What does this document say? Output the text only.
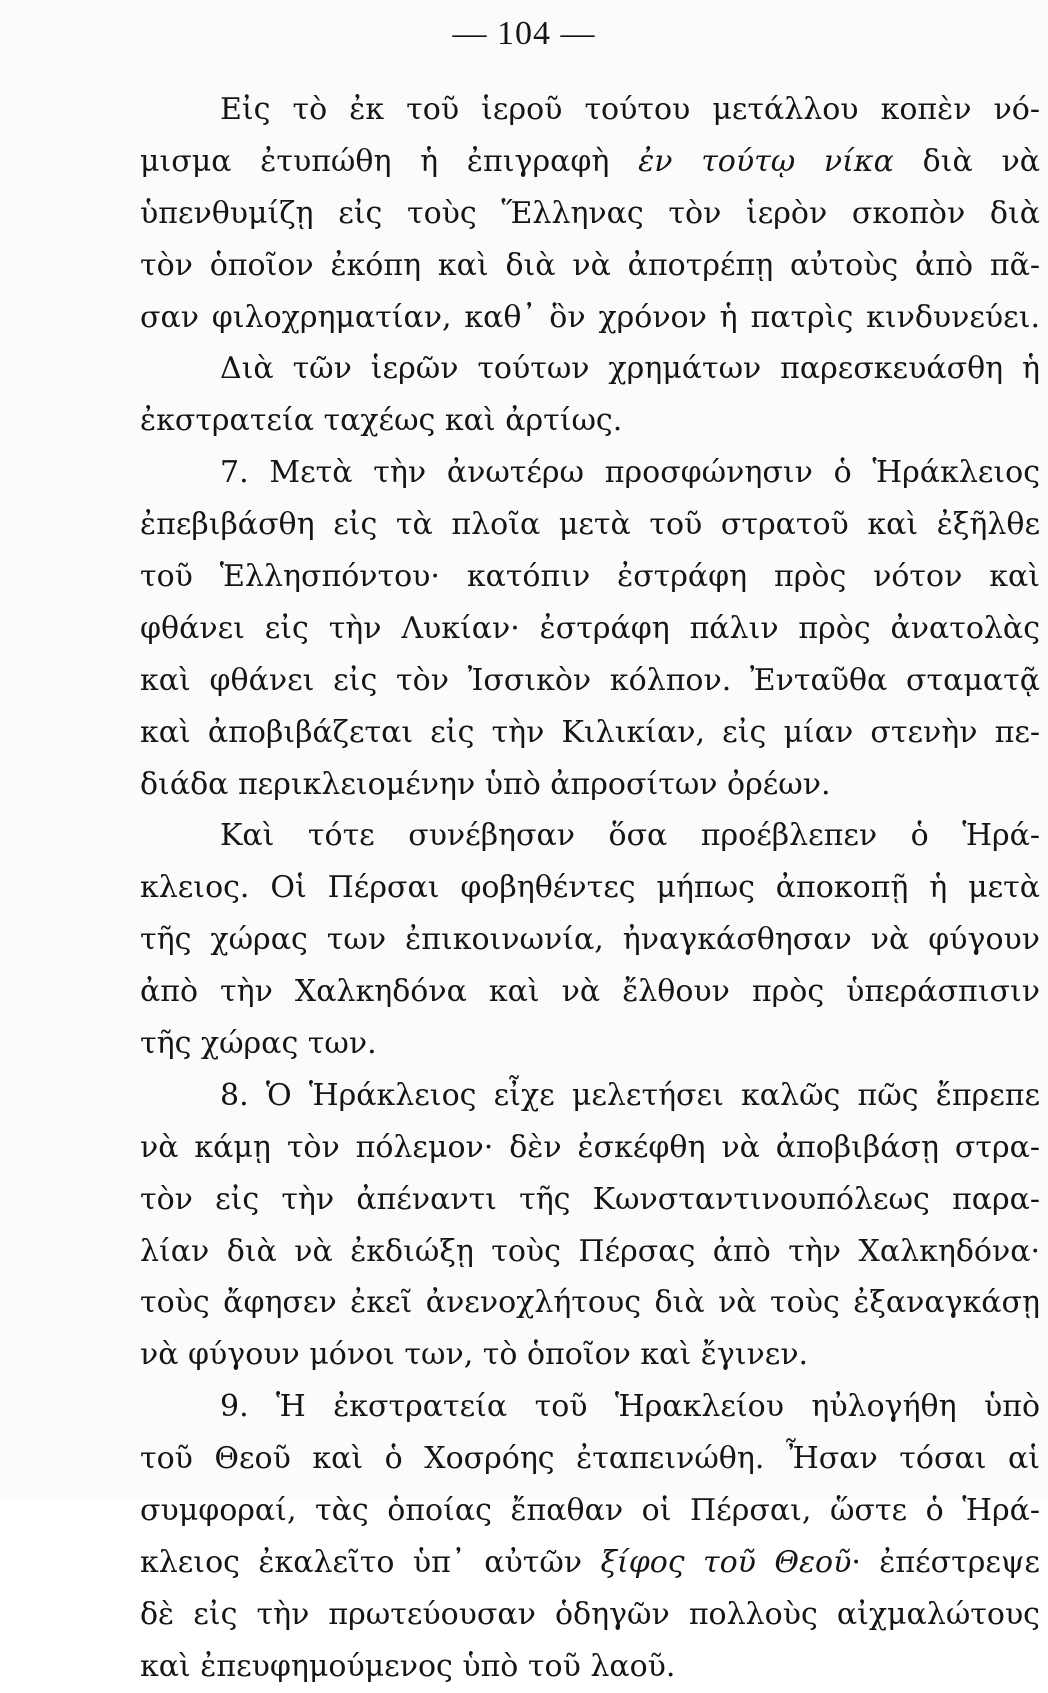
— 104 —
Εἰς τὸ ἐκ τοῦ ἱεροῦ τούτου μετάλλου κοπὲν νό-
μισμα ἐτυπώθη ἡ ἐπιγραφὴ ἐν τούτῳ νίκα διὰ νὰ
ὑπενθυμίζῃ εἰς τοὺς Ἕλληνας τὸν ἱερὸν σκοπὸν διὰ
τὸν ὁποῖον ἐκόπη καὶ διὰ νὰ ἀποτρέπῃ αὐτοὺς ἀπὸ πᾶ-
σαν φιλοχρηματίαν, καθ᾽ ὃν χρόνον ἡ πατρὶς κινδυνεύει.
Διὰ τῶν ἱερῶν τούτων χρημάτων παρεσκευάσθη ἡ
ἐκστρατεία ταχέως καὶ ἀρτίως.
7. Μετὰ τὴν ἀνωτέρω προσφώνησιν ὁ Ἡράκλειος
ἐπεβιβάσθη εἰς τὰ πλοῖα μετὰ τοῦ στρατοῦ καὶ ἐξῆλθε
τοῦ Ἑλλησπόντου· κατόπιν ἐστράφη πρὸς νότον καὶ
φθάνει εἰς τὴν Λυκίαν· ἐστράφη πάλιν πρὸς ἀνατολὰς
καὶ φθάνει εἰς τὸν Ἰσσικὸν κόλπον. Ἐνταῦθα σταματᾷ
καὶ ἀποβιβάζεται εἰς τὴν Κιλικίαν, εἰς μίαν στενὴν πε-
διάδα περικλειομένην ὑπὸ ἀπροσίτων ὀρέων.
Καὶ τότε συνέβησαν ὅσα προέβλεπεν ὁ Ἡρά-
κλειος. Οἱ Πέρσαι φοβηθέντες μήπως ἀποκοπῇ ἡ μετὰ
τῆς χώρας των ἐπικοινωνία, ἠναγκάσθησαν νὰ φύγουν
ἀπὸ τὴν Χαλκηδόνα καὶ νὰ ἔλθουν πρὸς ὑπεράσπισιν
τῆς χώρας των.
8. Ὁ Ἡράκλειος εἶχε μελετήσει καλῶς πῶς ἔπρεπε
νὰ κάμῃ τὸν πόλεμον· δὲν ἐσκέφθη νὰ ἀποβιβάσῃ στρα-
τὸν εἰς τὴν ἀπέναντι τῆς Κωνσταντινουπόλεως παρα-
λίαν διὰ νὰ ἐκδιώξῃ τοὺς Πέρσας ἀπὸ τὴν Χαλκηδόνα·
τοὺς ἄφησεν ἐκεῖ ἀνενοχλήτους διὰ νὰ τοὺς ἐξαναγκάσῃ
νὰ φύγουν μόνοι των, τὸ ὁποῖον καὶ ἔγινεν.
9. Ἡ ἐκστρατεία τοῦ Ἡρακλείου ηὐλογήθη ὑπὸ
τοῦ Θεοῦ καὶ ὁ Χοσρόης ἐταπεινώθη. Ἦσαν τόσαι αἱ
συμφοραί, τὰς ὁποίας ἔπαθαν οἱ Πέρσαι, ὥστε ὁ Ἡρά-
κλειος ἐκαλεῖτο ὑπ᾽ αὐτῶν ξίφος τοῦ Θεοῦ· ἐπέστρεψε
δὲ εἰς τὴν πρωτεύουσαν ὁδηγῶν πολλοὺς αἰχμαλώτους
καὶ ἐπευφημούμενος ὑπὸ τοῦ λαοῦ.
